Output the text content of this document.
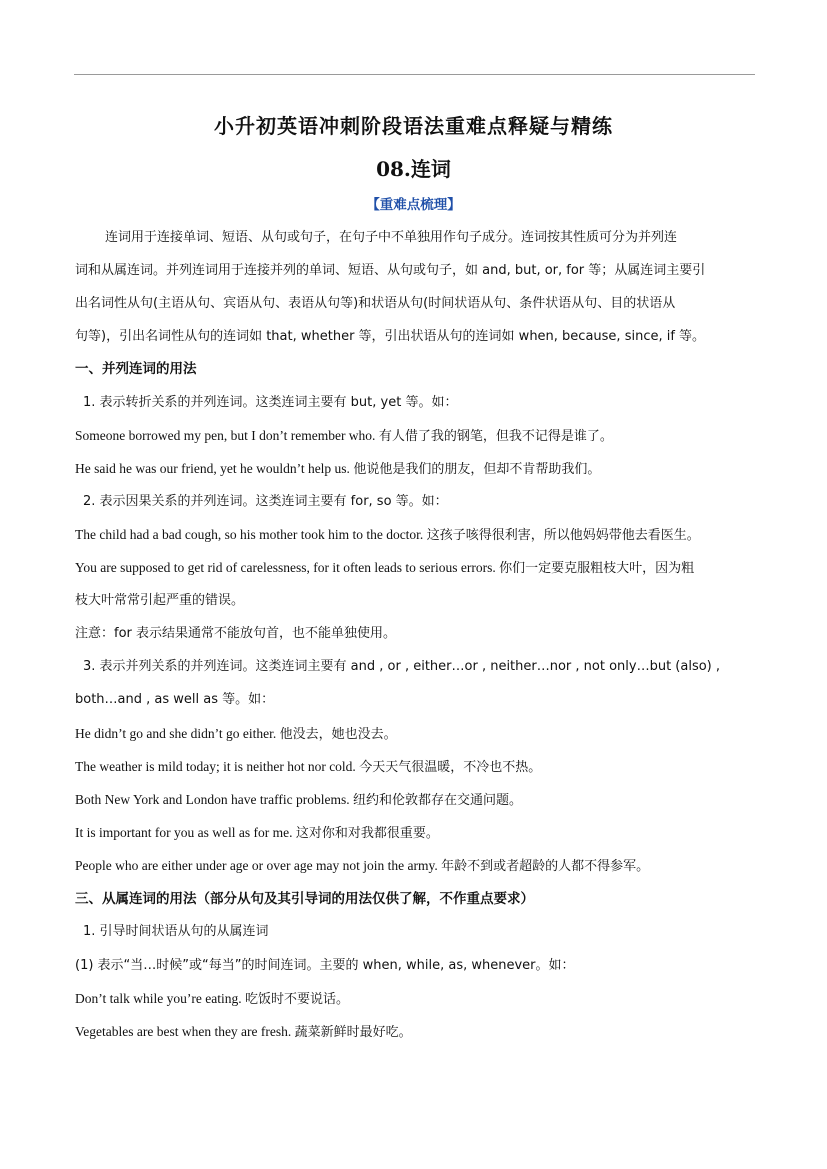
小升初英语冲刺阶段语法重难点释疑与精练
08.连词
【重难点梳理】
连词用于连接单词、短语、从句或句子，在句子中不单独用作句子成分。连词按其性质可分为并列连
词和从属连词。并列连词用于连接并列的单词、短语、从句或句子，如 and, but, or, for 等；从属连词主要引
出名词性从句(主语从句、宾语从句、表语从句等)和状语从句(时间状语从句、条件状语从句、目的状语从
句等)，引出名词性从句的连词如 that, whether 等，引出状语从句的连词如 when, because, since, if 等。
一、并列连词的用法
1. 表示转折关系的并列连词。这类连词主要有 but, yet 等。如：
Someone borrowed my pen, but I don’t remember who. 有人借了我的钢笔，但我不记得是谁了。
He said he was our friend, yet he wouldn’t help us. 他说他是我们的朋友，但却不肯帮助我们。
2. 表示因果关系的并列连词。这类连词主要有 for, so 等。如：
The child had a bad cough, so his mother took him to the doctor. 这孩子咳得很利害，所以他妈妈带他去看医生。
You are supposed to get rid of carelessness, for it often leads to serious errors. 你们一定要克服粗枝大叶，因为粗
枝大叶常常引起严重的错误。
注意：for 表示结果通常不能放句首，也不能单独使用。
3. 表示并列关系的并列连词。这类连词主要有 and , or , either…or , neither…nor , not only…but (also) ,
both…and , as well as 等。如：
He didn’t go and she didn’t go either. 他没去，她也没去。
The weather is mild today; it is neither hot nor cold. 今天天气很温暖，不冷也不热。
Both New York and London have traffic problems. 纽约和伦敦都存在交通问题。
It is important for you as well as for me. 这对你和对我都很重要。
People who are either under age or over age may not join the army. 年龄不到或者超龄的人都不得参军。
三、从属连词的用法（部分从句及其引导词的用法仅供了解，不作重点要求）
1. 引导时间状语从句的从属连词
(1) 表示“当…时候”或“每当”的时间连词。主要的 when, while, as, whenever。如：
Don’t talk while you’re eating. 吃饭时不要说话。
Vegetables are best when they are fresh. 蔬菜新鲜时最好吃。
